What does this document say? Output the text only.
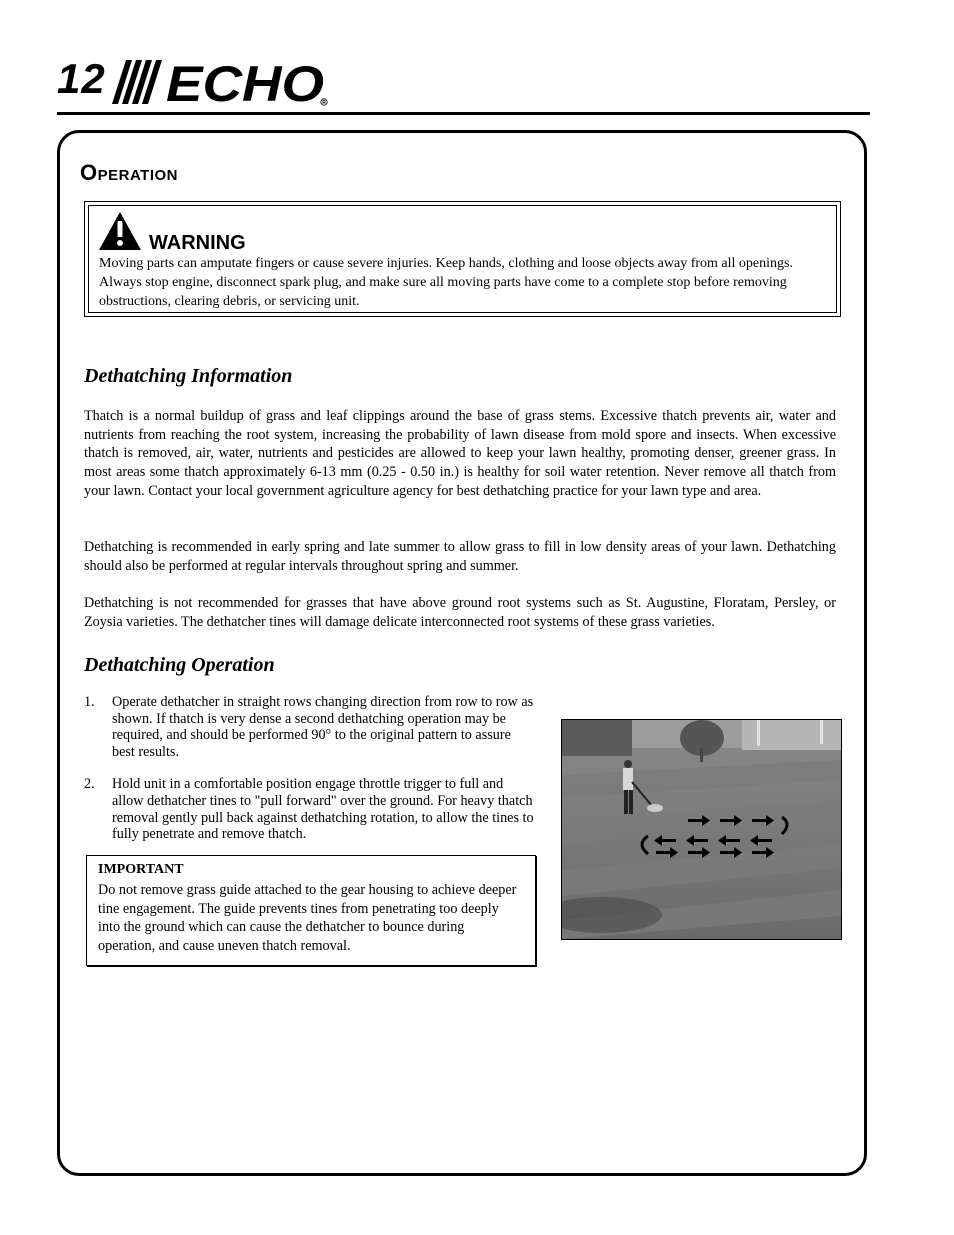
12 ECHO
R
Operation
WARNING
Moving parts can amputate fingers or cause severe injuries. Keep hands, clothing and loose objects away from all openings. Always stop engine, disconnect spark plug, and make sure all moving parts have come to a complete stop before removing obstructions, clearing debris, or servicing unit.
Dethatching Information
Thatch is a normal buildup of grass and leaf clippings around the base of grass stems. Excessive thatch prevents air, water and nutrients from reaching the root system, increasing the probability of lawn disease from mold spore and insects. When excessive thatch is removed, air, water, nutrients and pesticides are allowed to keep your lawn healthy, promoting denser, greener grass. In most areas some thatch approximately 6-13 mm (0.25 - 0.50 in.) is healthy for soil water retention. Never remove all thatch from your lawn. Contact your local government agriculture agency for best dethatching practice for your lawn type and area.
Dethatching is recommended in early spring and late summer to allow grass to fill in low density areas of your lawn. Dethatching should also be performed at regular intervals throughout spring and summer.
Dethatching is not recommended for grasses that have above ground root systems such as St. Augustine, Floratam, Persley, or Zoysia varieties. The dethatcher tines will damage delicate interconnected root systems of these grass varieties.
Dethatching Operation
1.	Operate dethatcher in straight rows changing direction from row to row as shown. If thatch is very dense a second dethatching operation may be required, and should be performed 90° to the original pattern to assure best results.
2.	Hold unit in a comfortable position engage throttle trigger to full and allow dethatcher tines to "pull forward" over the ground. For heavy thatch removal gently pull back against dethatching rotation, to allow the tines to fully penetrate and remove thatch.
IMPORTANT
Do not remove grass guide attached to the gear housing to achieve deeper tine engagement. The guide prevents tines from penetrating too deeply into the ground which can cause the dethatcher to bounce during operation, and cause uneven thatch removal.
